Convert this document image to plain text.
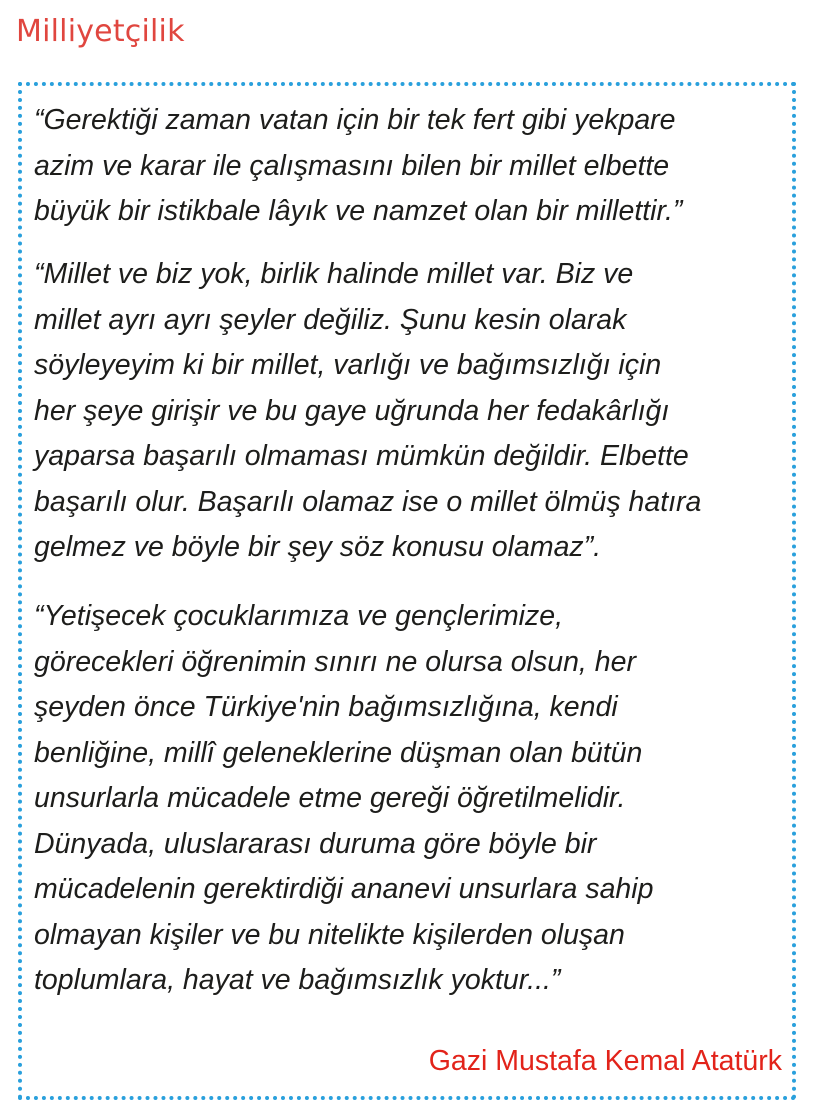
Milliyetçilik

“Gerektiği zaman vatan için bir tek fert gibi yekpare
azim ve karar ile çalışmasını bilen bir millet elbette
büyük bir istikbale lâyık ve namzet olan bir millettir.”

“Millet ve biz yok, birlik halinde millet var. Biz ve
millet ayrı ayrı şeyler değiliz. Şunu kesin olarak
söyleyeyim ki bir millet, varlığı ve bağımsızlığı için
her şeye girişir ve bu gaye uğrunda her fedakârlığı
yaparsa başarılı olmaması mümkün değildir. Elbette
başarılı olur. Başarılı olamaz ise o millet ölmüş hatıra
gelmez ve böyle bir şey söz konusu olamaz”.

“Yetişecek çocuklarımıza ve gençlerimize,
görecekleri öğrenimin sınırı ne olursa olsun, her
şeyden önce Türkiye'nin bağımsızlığına, kendi
benliğine, millî geleneklerine düşman olan bütün
unsurlarla mücadele etme gereği öğretilmelidir.
Dünyada, uluslararası duruma göre böyle bir
mücadelenin gerektirdiği ananevi unsurlara sahip
olmayan kişiler ve bu nitelikte kişilerden oluşan
toplumlara, hayat ve bağımsızlık yoktur...”

Gazi Mustafa Kemal Atatürk
